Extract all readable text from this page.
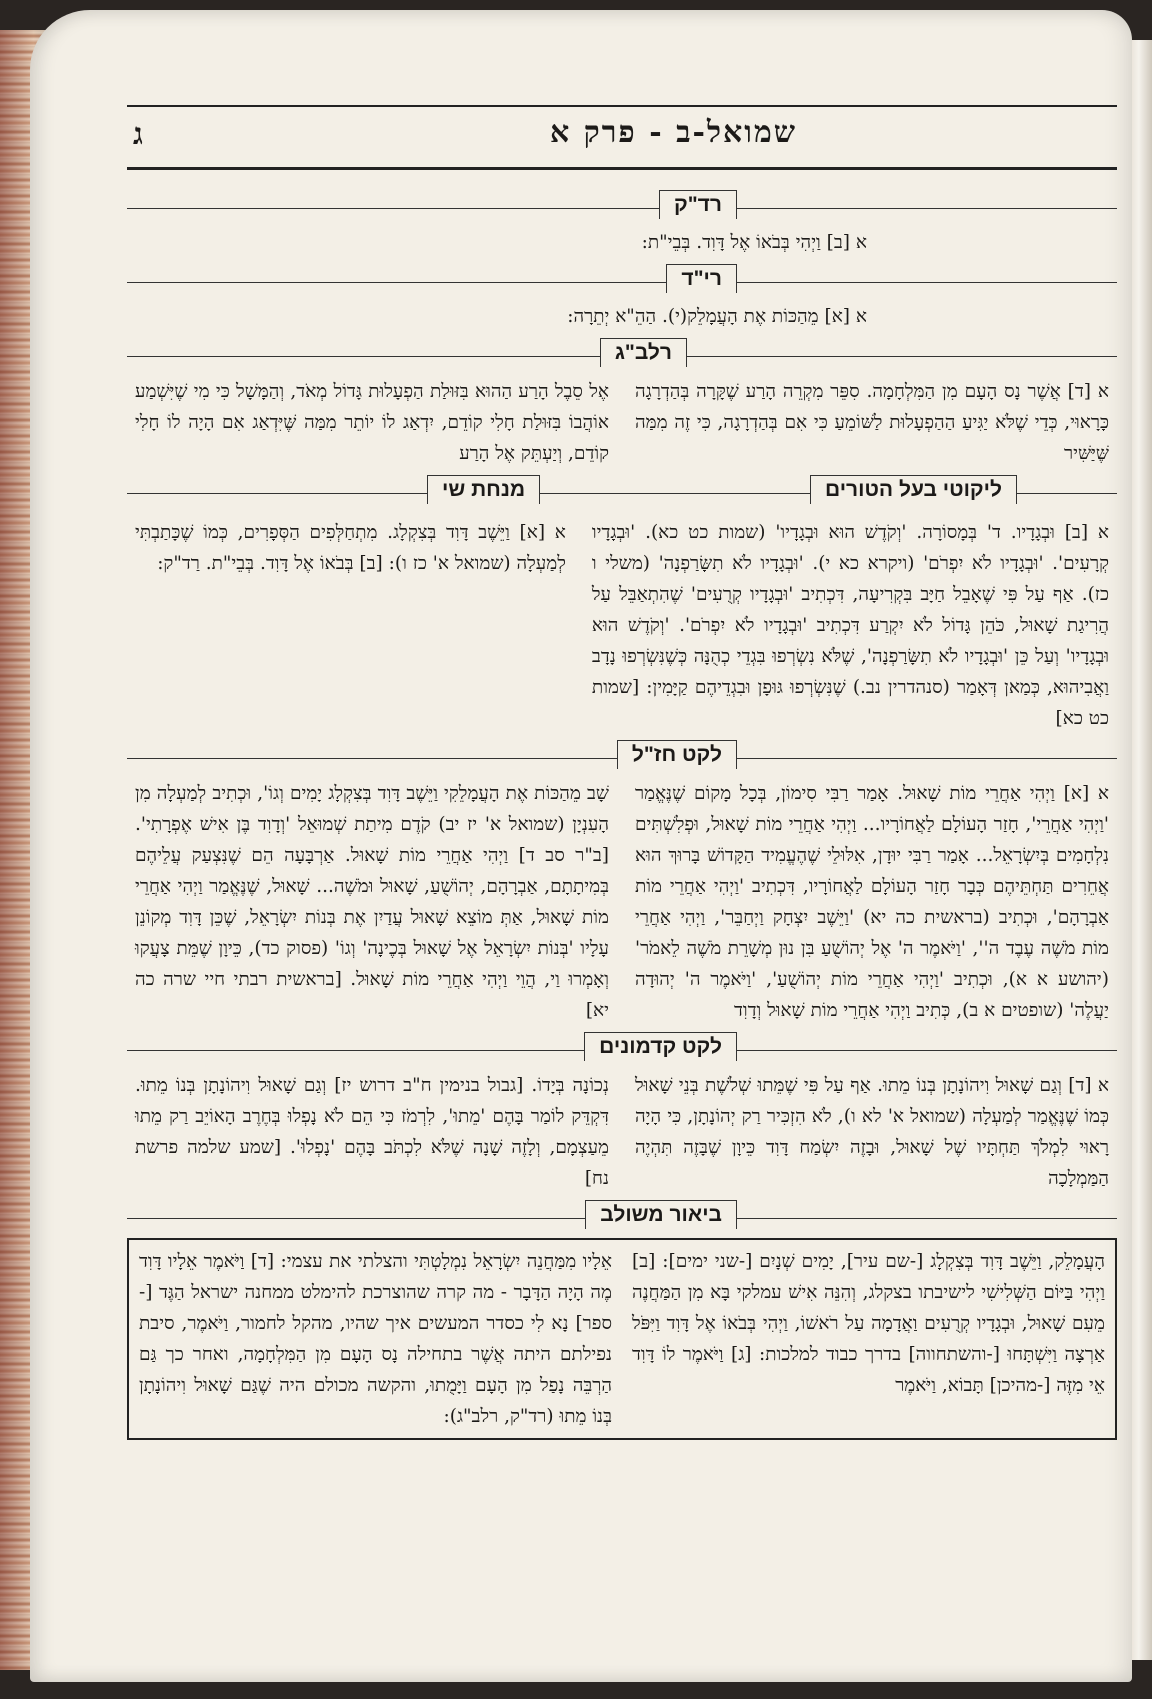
שמואל-ב - פרק א
ג
רד"ק
א [ב] וַיְהִי בְּבֹאוֹ אֶל דָּוִד. בְּבֵי"ת:
רי"ד
א [א] מֵהַכּוֹת אֶת הָעֲמָלֵק(י). הַהֵ"א יְתֵרָה:
רלב"ג
א [ד] אֲשֶׁר נָס הָעָם מִן הַמִּלְחָמָה. סִפֵּר מִקְרֵה הָרַע שֶׁקָּרָה בְּהַדְרָגָה כָּרָאוּי, כְּדֵי שֶׁלֹּא יַגִּיעַ הַהַפְעָלוּת לַשּׁוֹמֵעַ כִּי אִם בְּהַדְרָגָה, כִּי זֶה מִמַּה שֶּׁיַּשִּׁיר
אֶל סֵבֶל הָרַע הַהוּא בִּזּוּלַת הַפְעָלוּת גָּדוֹל מְאֹד, וְהַמָּשָׁל כִּי מִי שֶׁיִּשְׁמַע אוֹהֲבוֹ בִּזּוּלַת חָלִי קוֹדֵם, יִדְאַג לוֹ יוֹתֵר מִמַּה שֶּׁיִּדְאַג אִם הָיָה לוֹ חָלִי קוֹדֵם, וְיַעְתֵּק אֶל הָרַע
ליקוטי בעל הטורים
מנחת שי
א [ב] וּבְגָדָיו. ד' בְּמָסוֹרָה. 'וְקֹדֶשׁ הוּא וּבְגָדָיו' (שמות כט כא). 'וּבְגָדָיו קְרָעִים'. 'וּבְגָדָיו לֹא יִפְרֹם' (ויקרא כא י). 'וּבְגָדָיו לֹא תִשָּׂרַפְנָה' (משלי ו כז). אַף עַל פִּי שֶׁאָבֵל חַיָּב בִּקְרִיעָה, דִּכְתִיב 'וּבְגָדָיו קְרֻעִים' שֶׁהִתְאַבֵּל עַל הֲרִיגַת שָׁאוּל, כֹּהֵן גָּדוֹל לֹא יִקְרַע דִּכְתִיב 'וּבְגָדָיו לֹא יִפְרֹם'. 'וְקֹדֶשׁ הוּא וּבְגָדָיו' וְעַל כֵּן 'וּבְגָדָיו לֹא תִשָּׂרַפְנָה', שֶׁלֹּא נִשְׂרְפוּ בִּגְדֵי כְהֻנָּה כְּשֶׁנִּשְׂרְפוּ נָדָב וַאֲבִיהוּא, כְּמַאן דְּאָמַר (סנהדרין נב.) שֶׁנִּשְׂרְפוּ גּוּפָן וּבִגְדֵיהֶם קַיָּמִין: [שמות כט כא]
א [א] וַיֵּשֶׁב דָּוִד בְּצִקְלָג. מִתְחַלְּפִים הַסְּפָרִים, כְּמוֹ שֶׁכָּתַבְתִּי לְמַעְלָה (שמואל א' כז ו): [ב] בְּבֹאוֹ אֶל דָּוִד. בְּבֵי"ת. רַד"ק:
לקט חז"ל
א [א] וַיְהִי אַחֲרֵי מוֹת שָׁאוּל. אָמַר רַבִּי סִימוֹן, בְּכָל מָקוֹם שֶׁנֶּאֱמַר 'וַיְהִי אַחֲרֵי', חָזַר הָעוֹלָם לַאֲחוֹרָיו... וַיְהִי אַחֲרֵי מוֹת שָׁאוּל, וּפְלִשְׁתִּים נִלְחָמִים בְּיִשְׂרָאֵל... אָמַר רַבִּי יוּדָן, אִלּוּלֵי שֶׁהֶעֱמִיד הַקָּדוֹשׁ בָּרוּךְ הוּא אֲחֵרִים תַּחְתֵּיהֶם כְּבָר חָזַר הָעוֹלָם לַאֲחוֹרָיו, דִּכְתִיב 'וַיְהִי אַחֲרֵי מוֹת אַבְרָהָם', וּכְתִיב (בראשית כה יא) 'וַיֵּשֶׁב יִצְחָק וַיְחַבֵּר', וַיְהִי אַחֲרֵי מוֹת מֹשֶׁה עֶבֶד ה'', 'וַיֹּאמֶר ה' אֶל יְהוֹשֻׁעַ בִּן נוּן מְשָׁרֵת מֹשֶׁה לֵאמֹר' (יהושע א א), וּכְתִיב 'וַיְהִי אַחֲרֵי מוֹת יְהוֹשֻׁעַ', 'וַיֹּאמֶר ה' יְהוּדָה יַעֲלֶה' (שופטים א ב), כְּתִיב וַיְהִי אַחֲרֵי מוֹת שָׁאוּל וְדָוִד
שָׁב מֵהַכּוֹת אֶת הָעֲמָלֵקִי וַיֵּשֶׁב דָּוִד בְּצִקְלָג יָמִים וְגוֹ', וּכְתִיב לְמַעְלָה מִן הָעִנְיָן (שמואל א' יז יב) קֹדֶם מִיתַת שְׁמוּאֵל 'וְדָוִד בֶּן אִישׁ אֶפְרָתִי'. [ב"ר סב ד] וַיְהִי אַחֲרֵי מוֹת שָׁאוּל. אַרְבָּעָה הֵם שֶׁנִּצְעַק עֲלֵיהֶם בְּמִיתָתָם, אַבְרָהָם, יְהוֹשֻׁעַ, שָׁאוּל וּמֹשֶׁה... שָׁאוּל, שֶׁנֶּאֱמַר וַיְהִי אַחֲרֵי מוֹת שָׁאוּל, אַתְּ מוֹצֵא שָׁאוּל עֲדַיִן אֶת בְּנוֹת יִשְׂרָאֵל, שֶׁכֵּן דָּוִד מְקוֹנֵן עָלָיו 'בְּנוֹת יִשְׂרָאֵל אֶל שָׁאוּל בְּכֶינָה' וְגוֹ' (פסוק כד), כֵּיוָן שֶׁמֵּת צָעֲקוּ וְאָמְרוּ וַי, הֲוֵי וַיְהִי אַחֲרֵי מוֹת שָׁאוּל. [בראשית רבתי חיי שרה כה יא]
לקט קדמונים
א [ד] וְגַם שָׁאוּל וִיהוֹנָתָן בְּנוֹ מֵתוּ. אַף עַל פִּי שֶׁמֵּתוּ שְׁלֹשֶׁת בְּנֵי שָׁאוּל כְּמוֹ שֶׁנֶּאֱמַר לְמַעְלָה (שמואל א' לא ו), לֹא הִזְכִּיר רַק יְהוֹנָתָן, כִּי הָיָה רָאוּי לִמְלֹךְ תַּחְתָּיו שֶׁל שָׁאוּל, וּבָזֶה יִשְׂמַח דָּוִד כֵּיוָן שֶׁבָּזֶה תִּהְיֶה הַמַּמְלָכָה
נְכוֹנָה בְּיָדוֹ. [גבול בנימין ח"ב דרוש יז] וְגַם שָׁאוּל וִיהוֹנָתָן בְּנוֹ מֵתוּ. דִּקְדֵּק לוֹמַר בָּהֶם 'מֵתוּ', לִרְמֹז כִּי הֵם לֹא נָפְלוּ בְּחֶרֶב הָאוֹיֵב רַק מֵתוּ מֵעַצְמָם, וְלָזֶה שָׁנָה שֶׁלֹּא לִכְתֹּב בָּהֶם 'נָפְלוּ'. [שמע שלמה פרשת נח]
ביאור משולב
הָעֲמָלֵק, וַיֵּשֶׁב דָּוִד בְּצִקְלָג [-שם עיר], יָמִים שְׁנָיִם [-שני ימים]: [ב] וַיְהִי בַּיּוֹם הַשְּׁלִישִׁי לישיבתו בצקלג, וְהִנֵּה אִישׁ עמלקי בָּא מִן הַמַּחֲנֶה מֵעִם שָׁאוּל, וּבְגָדָיו קְרֻעִים וַאֲדָמָה עַל רֹאשׁוֹ, וַיְהִי בְּבֹאוֹ אֶל דָּוִד וַיִּפֹּל אַרְצָה וַיִּשְׁתָּחוּ [-והשתחווה] בדרך כבוד למלכות: [ג] וַיֹּאמֶר לוֹ דָּוִד אֵי מִזֶּה [-מהיכן] תָּבוֹא, וַיֹּאמֶר
אֵלָיו מִמַּחֲנֵה יִשְׂרָאֵל נִמְלָטְתִּי והצלתי את עצמי: [ד] וַיֹּאמֶר אֵלָיו דָּוִד מֶה הָיָה הַדָּבָר - מה קרה שהוצרכת להימלט ממחנה ישראל הַגֶּד [-ספר] נָא לִי כסדר המעשים איך שהיו, מהקל לחמור, וַיֹּאמֶר, סיבת נפילתם היתה אֲשֶׁר בתחילה נָס הָעָם מִן הַמִּלְחָמָה, ואחר כך גַּם הַרְבֵּה נָפַל מִן הָעָם וַיָּמֻתוּ, והקשה מכולם היה שֶׁגַּם שָׁאוּל וִיהוֹנָתָן בְּנוֹ מֵתוּ (רד"ק, רלב"ג):
